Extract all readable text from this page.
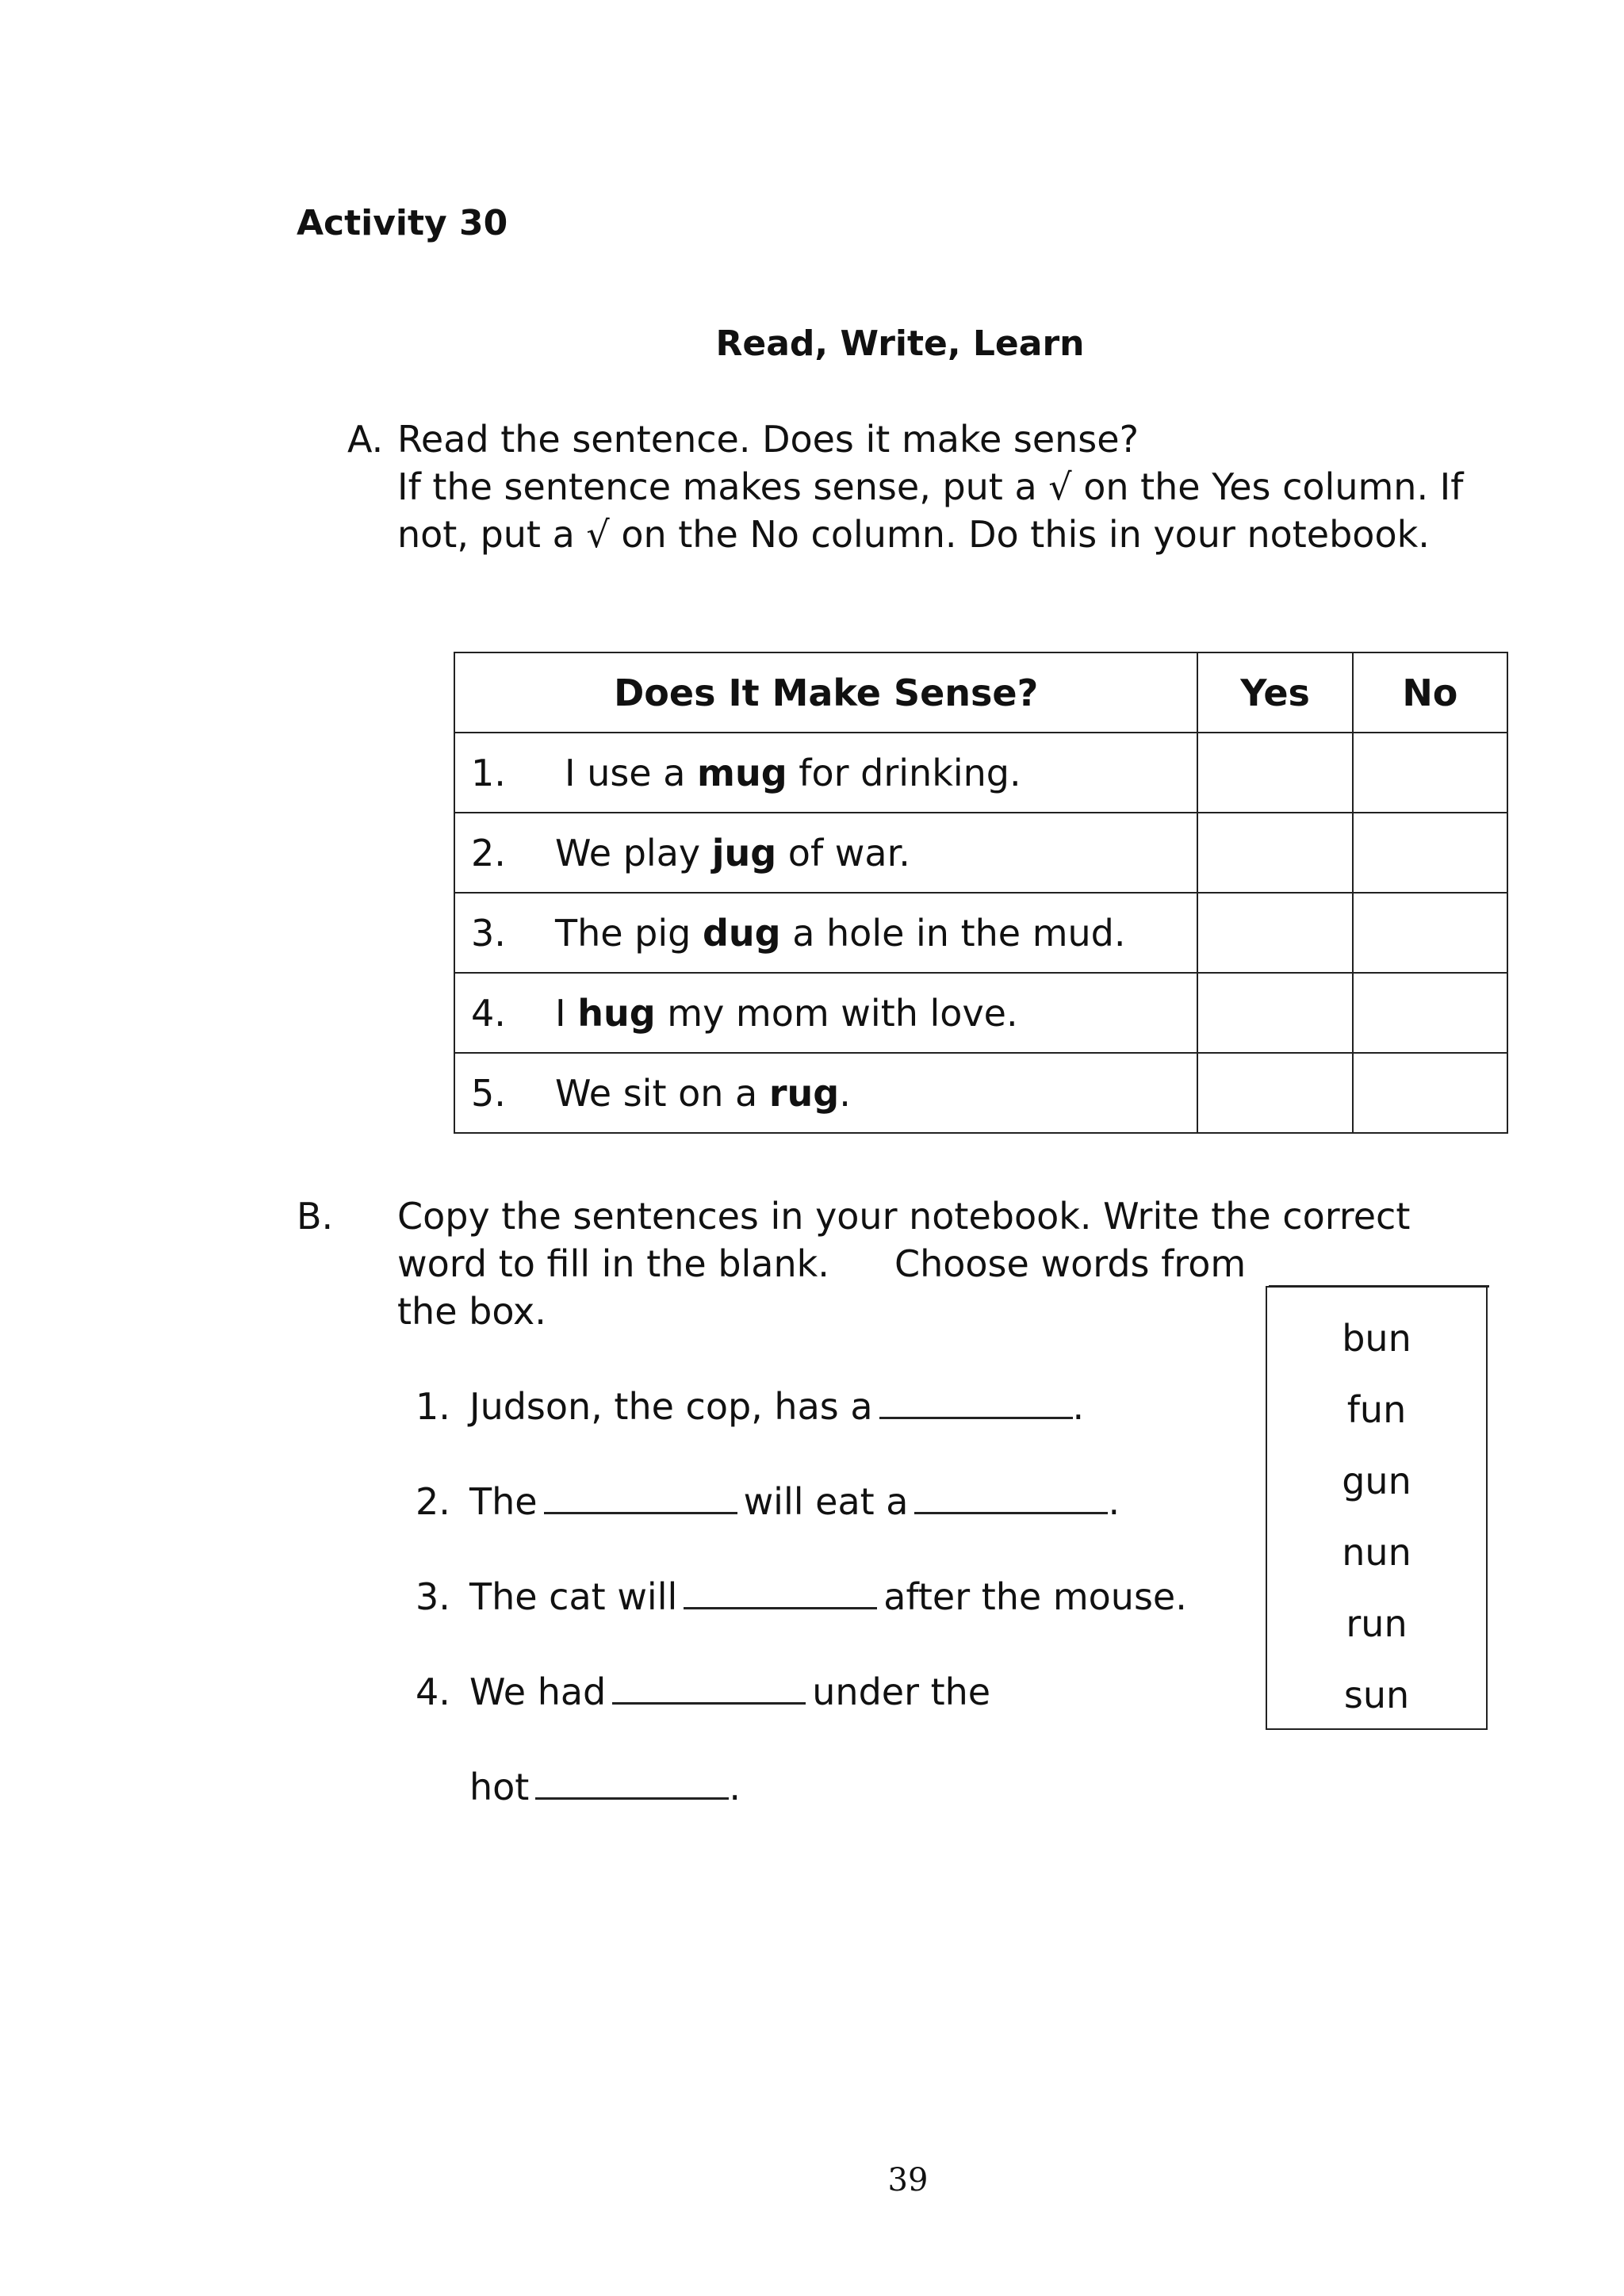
Activity 30
Read, Write, Learn
A. Read the sentence. Does it make sense?
If the sentence makes sense, put a √ on the Yes column. If
not, put a √ on the No column. Do this in your notebook.
Does It Make Sense?	Yes	No
1. I use a mug for drinking.		
2. We play jug of war.		
3. The pig dug a hole in the mud.		
4. I hug my mom with love.		
5. We sit on a rug.		
B. Copy the sentences in your notebook. Write the correct
word to fill in the blank. Choose words from
the box.
1. Judson, the cop, has a	.
2. The	will eat a	.
3. The cat will	after the mouse.
4. We had	under the
hot	.
bun
fun
gun
nun
run
sun
39
